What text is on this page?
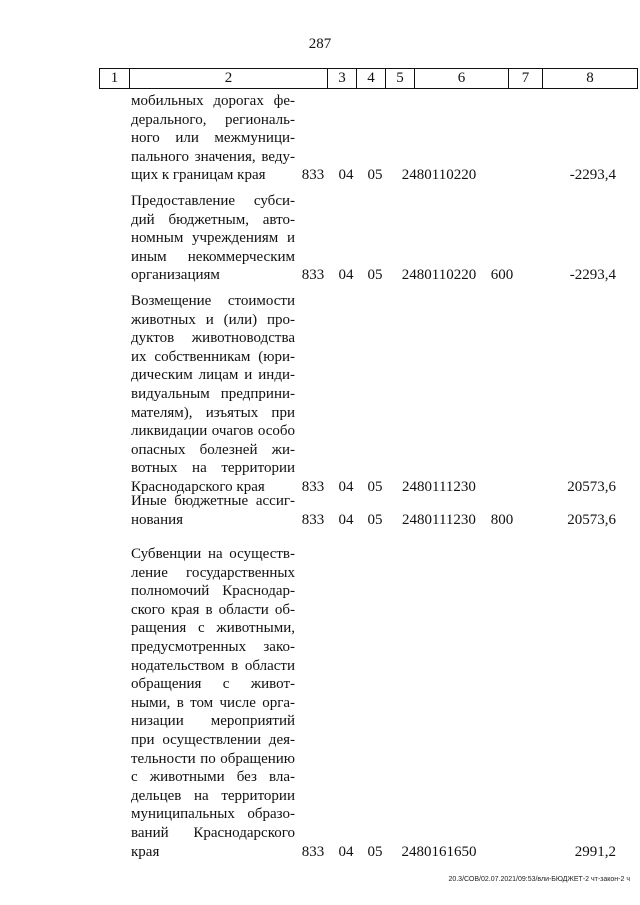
287
1	2	3	4	5	6	7	8
мобильных дорогах фе-
дерального, региональ-
ного или межмуници-
пального значения, веду-
щих к границам края	833 04 05	2480110220	-2293,4
Предоставление субси-
дий бюджетным, авто-
номным учреждениям и
иным некоммерческим
организациям	833 04 05	2480110220 600	-2293,4
Возмещение стоимости
животных и (или) про-
дуктов животноводства
их собственникам (юри-
дическим лицам и инди-
видуальным предприни-
мателям), изъятых при
ликвидации очагов особо
опасных болезней жи-
вотных на территории
Краснодарского края	833 04 05	2480111230	20573,6
Иные бюджетные ассиг-
нования	833 04 05	2480111230 800	20573,6
Субвенции на осуществ-
ление государственных
полномочий Краснодар-
ского края в области об-
ращения с животными,
предусмотренных зако-
нодательством в области
обращения с живот-
ными, в том числе орга-
низации мероприятий
при осуществлении дея-
тельности по обращению
с животными без вла-
дельцев на территории
муниципальных образо-
ваний Краснодарского
края	833 04 05	2480161650	2991,2
20.3/СОВ/02.07.2021/09:53/вли-БЮДЖЕТ-2 чт-закон-2 ч
